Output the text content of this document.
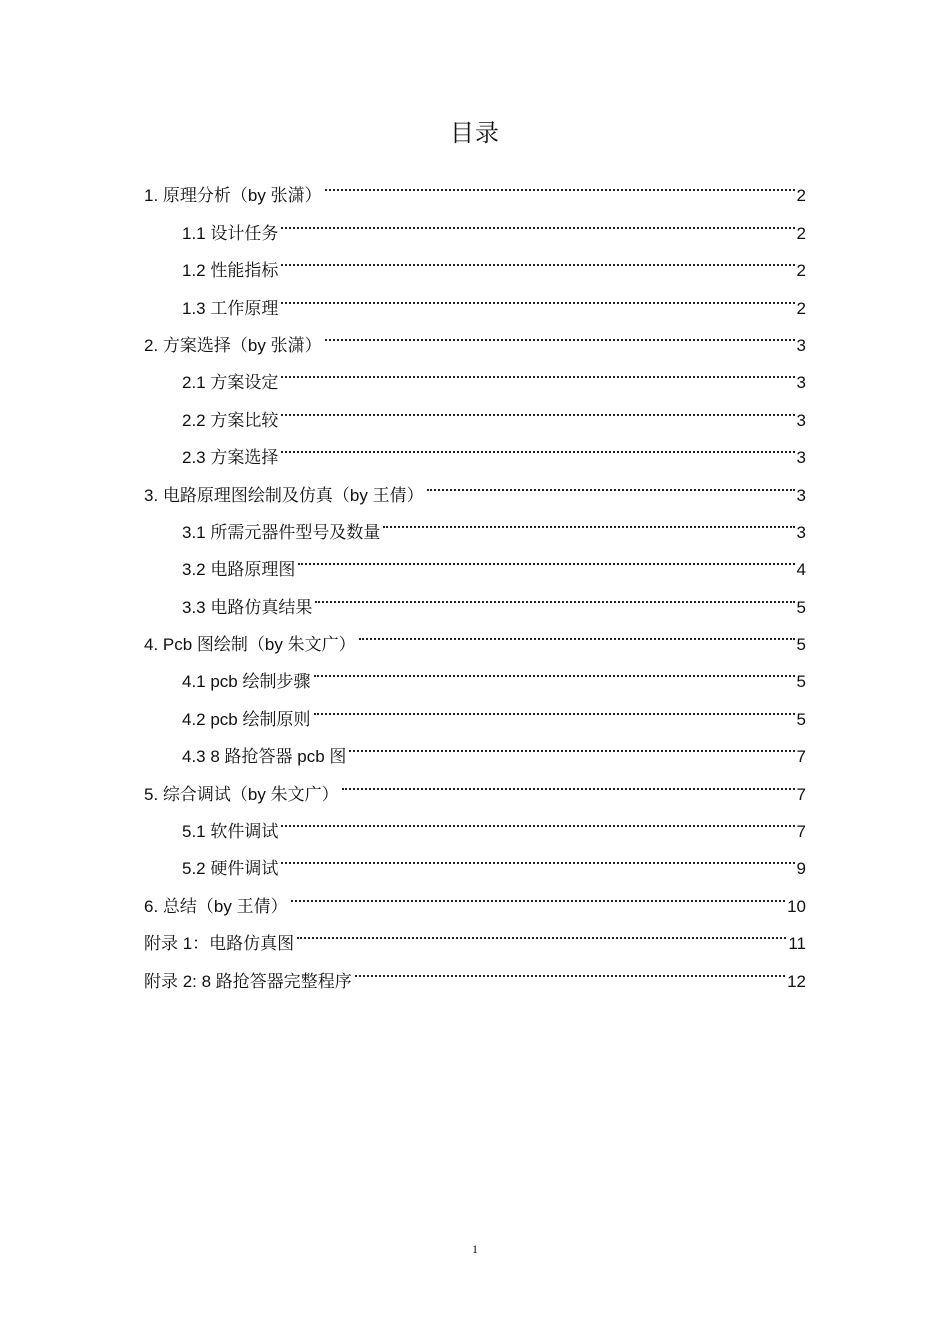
目录
1. 原理分析（by 张潇）	2
1.1 设计任务	2
1.2 性能指标	2
1.3 工作原理	2
2. 方案选择（by 张潇）	3
2.1 方案设定	3
2.2 方案比较	3
2.3 方案选择	3
3. 电路原理图绘制及仿真（by 王倩）	3
3.1 所需元器件型号及数量	3
3.2 电路原理图	4
3.3 电路仿真结果	5
4. Pcb 图绘制（by 朱文广）	5
4.1 pcb 绘制步骤	5
4.2 pcb 绘制原则	5
4.3 8 路抢答器 pcb 图	7
5. 综合调试（by 朱文广）	7
5.1 软件调试	7
5.2 硬件调试	9
6. 总结（by 王倩）	10
附录 1：电路仿真图	11
附录 2: 8 路抢答器完整程序	12
1
